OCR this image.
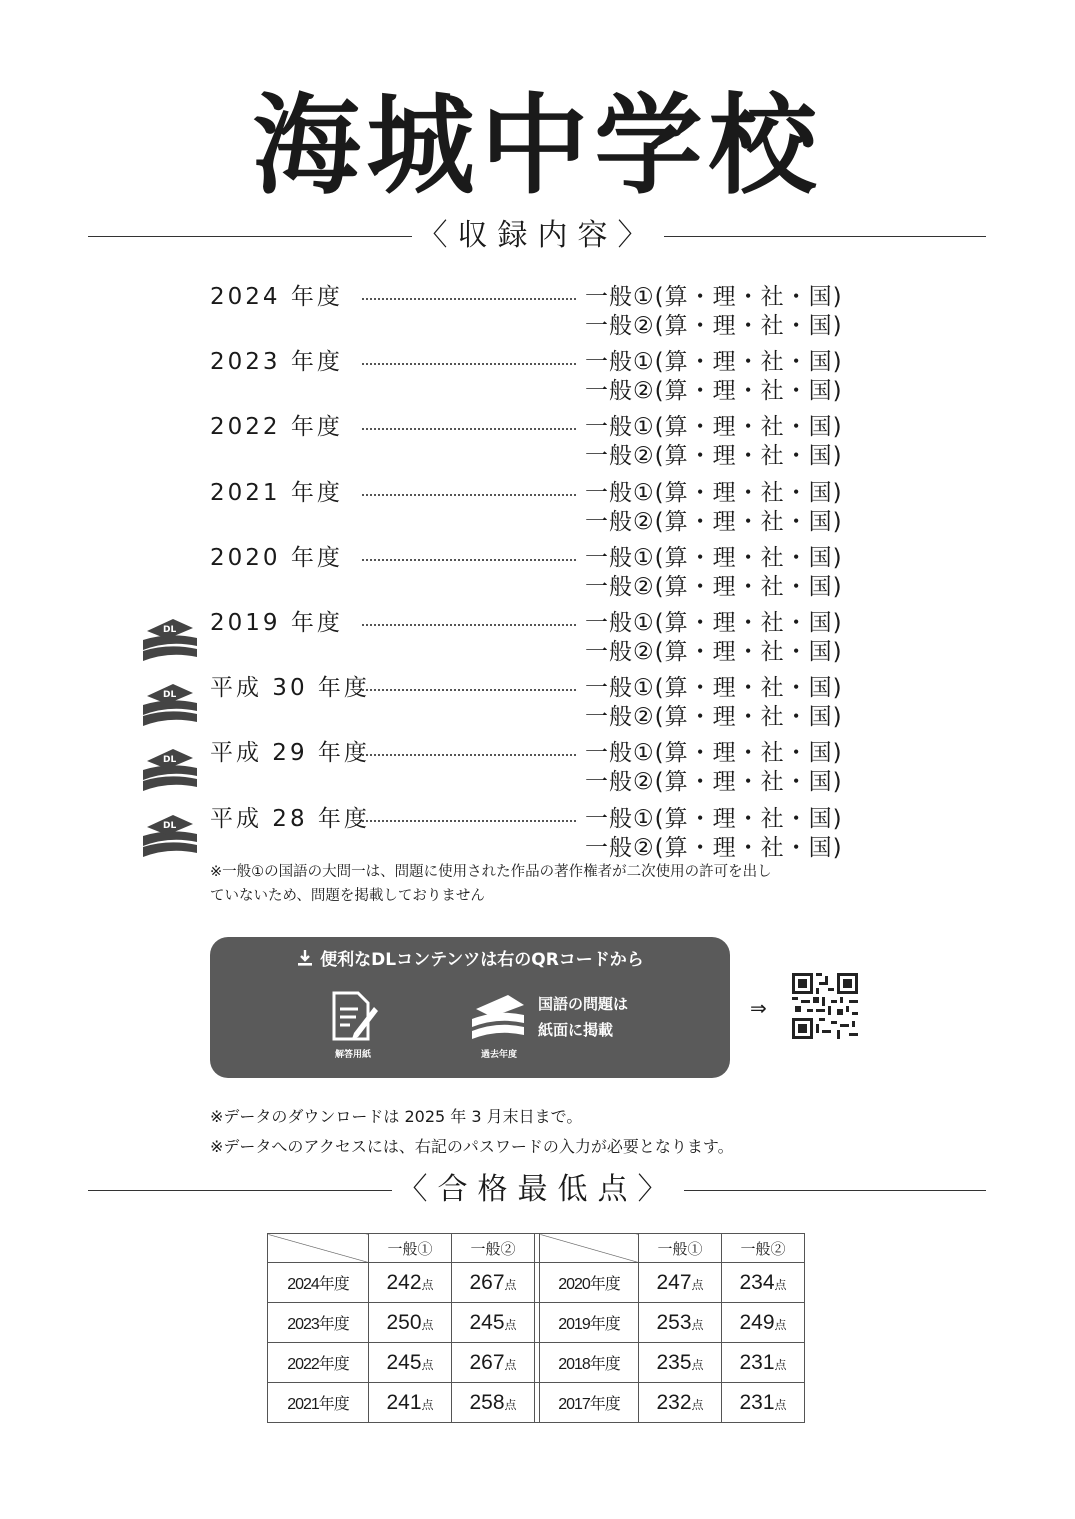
海城中学校
〈収録内容〉
2024 年度	一般①(算・理・社・国)
一般②(算・理・社・国)
2023 年度	一般①(算・理・社・国)
一般②(算・理・社・国)
2022 年度	一般①(算・理・社・国)
一般②(算・理・社・国)
2021 年度	一般①(算・理・社・国)
一般②(算・理・社・国)
2020 年度	一般①(算・理・社・国)
一般②(算・理・社・国)
DL 2019 年度	一般①(算・理・社・国)
一般②(算・理・社・国)
DL 平成 30 年度	一般①(算・理・社・国)
一般②(算・理・社・国)
DL 平成 29 年度	一般①(算・理・社・国)
一般②(算・理・社・国)
DL 平成 28 年度	一般①(算・理・社・国)
一般②(算・理・社・国)
※一般①の国語の大問一は、問題に使用された作品の著作権者が二次使用の許可を出し
ていないため、問題を掲載しておりません
便利なDLコンテンツは右のQRコードから
解答用紙	過去年度
国語の問題は
紙面に掲載
⇒
※データのダウンロードは 2025 年 3 月末日まで。
※データへのアクセスには、右記のパスワードの入力が必要となります。
〈合格最低点〉
	一般①	一般②			一般①	一般②
2024年度	242点	267点		2020年度	247点	234点
2023年度	250点	245点		2019年度	253点	249点
2022年度	245点	267点		2018年度	235点	231点
2021年度	241点	258点		2017年度	232点	231点
